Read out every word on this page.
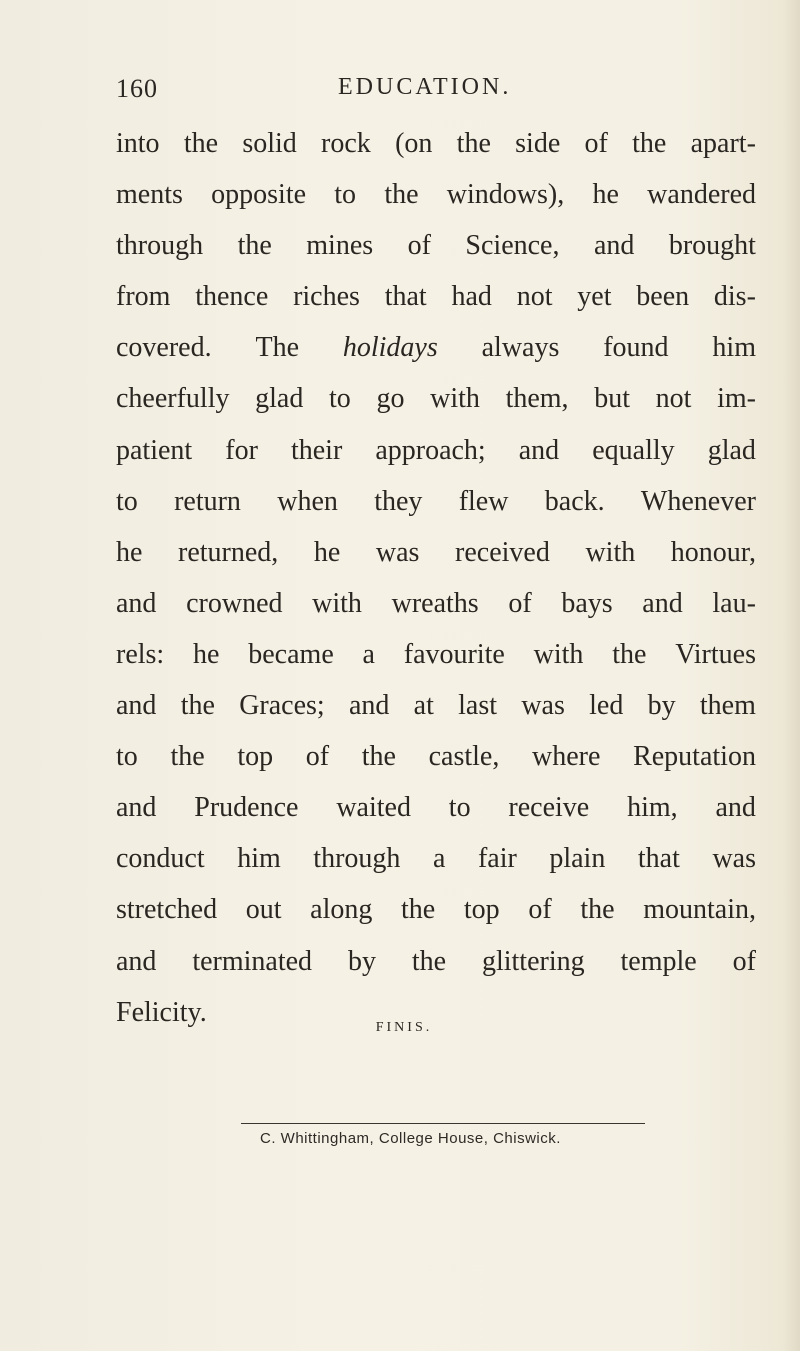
160	EDUCATION.
into the solid rock (on the side of the apart-
ments opposite to the windows), he wandered
through the mines of Science, and brought
from thence riches that had not yet been dis-
covered. The holidays always found him
cheerfully glad to go with them, but not im-
patient for their approach; and equally glad
to return when they flew back. Whenever
he returned, he was received with honour,
and crowned with wreaths of bays and lau-
rels: he became a favourite with the Virtues
and the Graces; and at last was led by them
to the top of the castle, where Reputation
and Prudence waited to receive him, and
conduct him through a fair plain that was
stretched out along the top of the mountain,
and terminated by the glittering temple of
Felicity.	FINIS.
C. Whittingham, College House, Chiswick.
